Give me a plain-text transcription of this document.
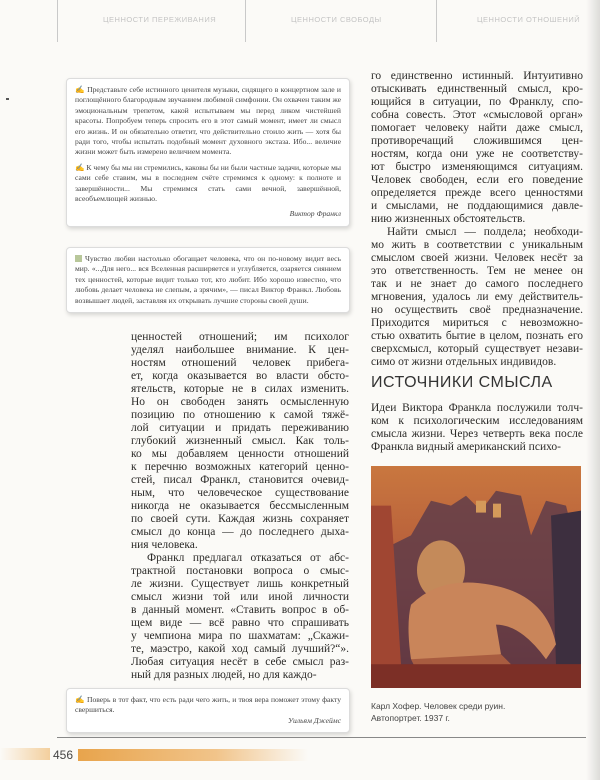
ЦЕННОСТИ ПЕРЕЖИВАНИЯ	ЦЕННОСТИ СВОБОДЫ	ЦЕННОСТИ ОТНОШЕНИЙ

✍ Представьте себе истинного ценителя музыки, сидящего в концертном зале и поглощённого благородным звучанием любимой симфонии. Он охвачен таким же эмоциональным трепетом, какой испытываем мы перед ликом чистейшей красоты. Попробуем теперь спросить его в этот самый момент, имеет ли смысл его жизнь. И он обязательно ответит, что действительно стоило жить — хотя бы ради того, чтобы испытать подобный момент духовного экстаза. Ибо... величие жизни может быть измерено величием момента.

✍ К чему бы мы ни стремились, каковы бы ни были частные задачи, которые мы сами себе ставим, мы в последнем счёте стремимся к одному: к полноте и завершённости... Мы стремимся стать сами вечной, завершённой, всеобъемлющей жизнью.

Виктор Франкл

Чувство любви настолько обогащает человека, что он по-новому видит весь мир. «...Для него... вся Вселенная расширяется и углубляется, озаряется сиянием тех ценностей, которые видит только тот, кто любит. Ибо хорошо известно, что любовь делает человека не слепым, а зрячим», — писал Виктор Франкл. Любовь возвышает людей, заставляя их открывать лучшие стороны своей души.

ценностей отношений; им психолог
уделял наибольшее внимание. К цен-
ностям отношений человек прибега-
ет, когда оказывается во власти обсто-
ятельств, которые не в силах изменить.
Но он свободен занять осмысленную
позицию по отношению к самой тяжё-
лой ситуации и придать переживанию
глубокий жизненный смысл. Как толь-
ко мы добавляем ценности отношений
к перечню возможных категорий ценно-
стей, писал Франкл, становится очевид-
ным, что человеческое существование
никогда не оказывается бессмысленным
по своей сути. Каждая жизнь сохраняет
смысл до конца — до последнего дыха-
ния человека.
Франкл предлагал отказаться от абс-
трактной постановки вопроса о смыс-
ле жизни. Существует лишь конкретный
смысл жизни той или иной личности
в данный момент. «Ставить вопрос в об-
щем виде — всё равно что спрашивать
у чемпиона мира по шахматам: „Скажи-
те, маэстро, какой ход самый лучший?“».
Любая ситуация несёт в себе смысл раз-
ный для разных людей, но для каждо-

✍ Поверь в тот факт, что есть ради чего жить, и твоя вера поможет этому факту свершиться.

Уильям Джеймс

го единственно истинный. Интуитивно
отыскивать единственный смысл, кро-
ющийся в ситуации, по Франклу, спо-
собна совесть. Этот «смысловой орган»
помогает человеку найти даже смысл,
противоречащий сложившимся цен-
ностям, когда они уже не соответству-
ют быстро изменяющимся ситуациям.
Человек свободен, если его поведение
определяется прежде всего ценностями
и смыслами, не поддающимися давле-
нию жизненных обстоятельств.
Найти смысл — полдела; необходи-
мо жить в соответствии с уникальным
смыслом своей жизни. Человек несёт за
это ответственность. Тем не менее он
так и не знает до самого последнего
мгновения, удалось ли ему действитель-
но осуществить своё предназначение.
Приходится мириться с невозможно-
стью охватить бытие в целом, познать его
сверхсмысл, который существует незави-
симо от жизни отдельных индивидов.
ИСТОЧНИКИ СМЫСЛА
Идеи Виктора Франкла послужили толч-
ком к психологическим исследованиям
смысла жизни. Через четверть века после
Франкла видный американский психо-
Карл Хофер. Человек среди руин.
Автопортрет. 1937 г.
456
